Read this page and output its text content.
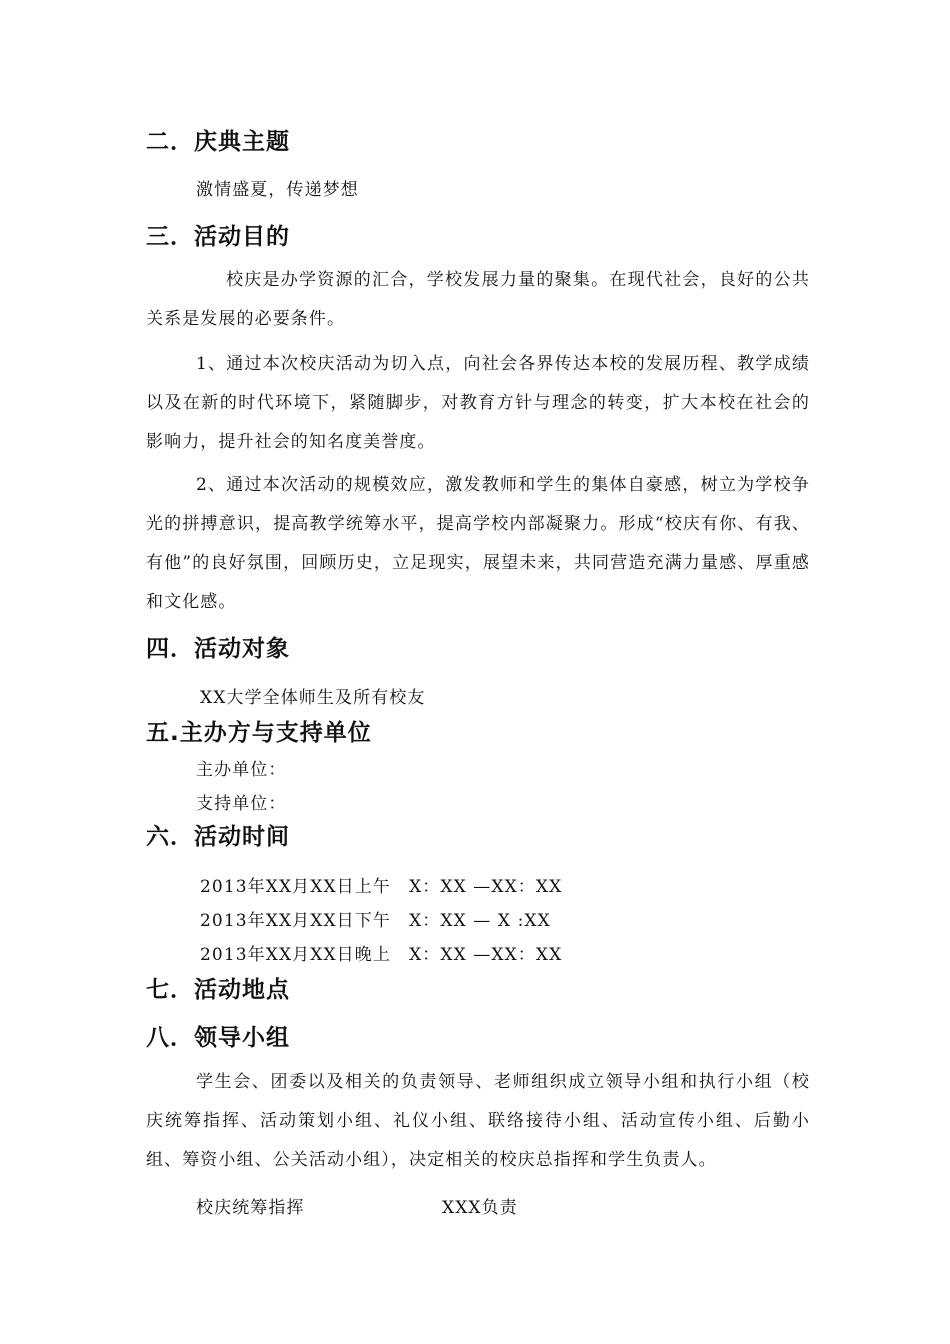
二．庆典主题
激情盛夏，传递梦想
三．活动目的
校庆是办学资源的汇合，学校发展力量的聚集。在现代社会，良好的公共关系是发展的必要条件。
1、通过本次校庆活动为切入点，向社会各界传达本校的发展历程、教学成绩以及在新的时代环境下，紧随脚步，对教育方针与理念的转变，扩大本校在社会的影响力，提升社会的知名度美誉度。
2、通过本次活动的规模效应，激发教师和学生的集体自豪感，树立为学校争光的拼搏意识，提高教学统筹水平，提高学校内部凝聚力。形成“校庆有你、有我、有他”的良好氛围，回顾历史，立足现实，展望未来，共同营造充满力量感、厚重感和文化感。
四．活动对象
XX大学全体师生及所有校友
五.主办方与支持单位
主办单位：
支持单位：
六．活动时间
2013年XX月XX日上午　X：XX —XX：XX
2013年XX月XX日下午　X：XX — X :XX
2013年XX月XX日晚上　X：XX —XX：XX
七．活动地点
八．领导小组
学生会、团委以及相关的负责领导、老师组织成立领导小组和执行小组（校庆统筹指挥、活动策划小组、礼仪小组、联络接待小组、活动宣传小组、后勤小组、筹资小组、公关活动小组），决定相关的校庆总指挥和学生负责人。
校庆统筹指挥	XXX负责
